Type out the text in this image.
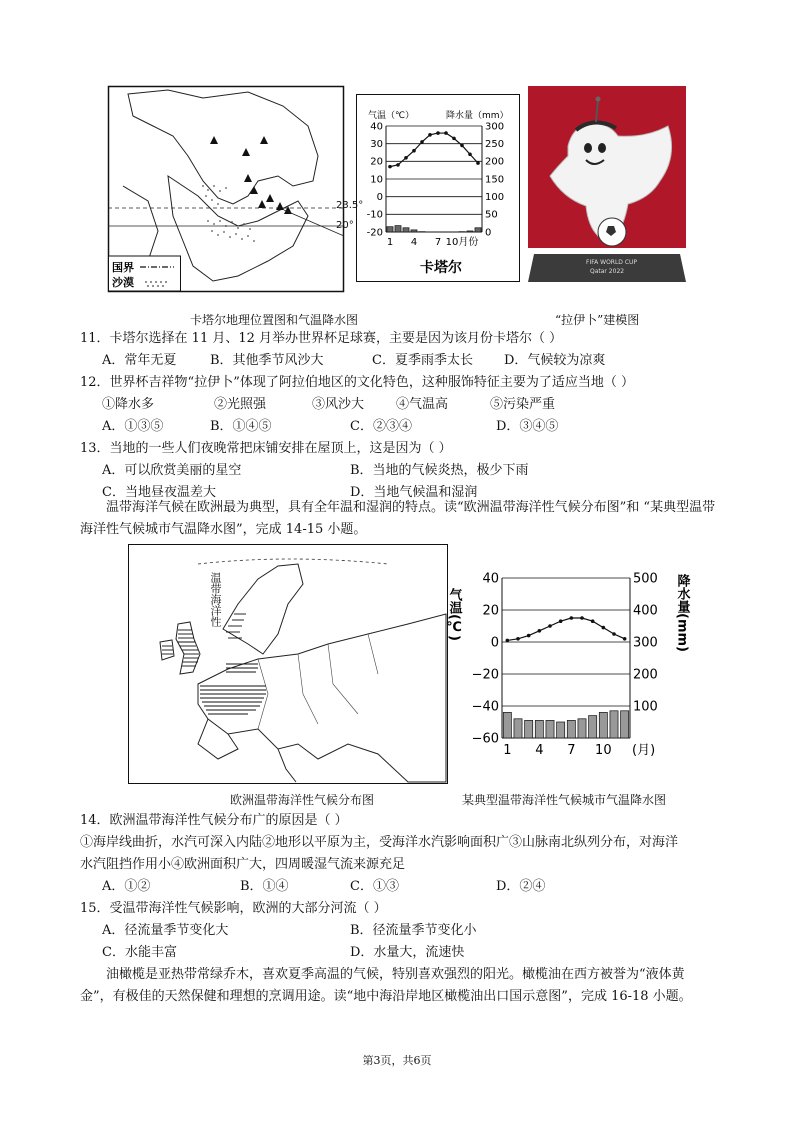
国界
沙漠
23.5°
20°
气温（℃）	降水量（mm）
40
30
20
10
0
-10
-20
300
250
200
150
100
50
0
1 4 7 10月份
卡塔尔	FIFA WORLD CUP
Qatar 2022
卡塔尔地理位置图和气温降水图	“拉伊卜”建模图
11．卡塔尔选择在 11 月、12 月举办世界杯足球赛，主要是因为该月份卡塔尔（ ）
A．常年无夏	B．其他季节风沙大	C．夏季雨季太长 D．气候较为凉爽
12．世界杯吉祥物“拉伊卜”体现了阿拉伯地区的文化特色，这种服饰特征主要为了适应当地（ ）
①降水多	②光照强	③风沙大 ④气温高	⑤污染严重
A．①③⑤	B．①④⑤	C．②③④	D．③④⑤
13．当地的一些人们夜晚常把床铺安排在屋顶上，这是因为（ ）
A．可以欣赏美丽的星空	B．当地的气候炎热，极少下雨
C．当地昼夜温差大	D．当地气候温和湿润
温带海洋气候在欧洲最为典型，具有全年温和湿润的特点。读“欧洲温带海洋性气候分布图”和 “某典型温带海洋性气候城市气温降水图”，完成 14-15 小题。
温带海洋性	气温(℃)	降水量(mm)
40
20
0
−20
−40
−60
500
400
300
200
100
1 4 7 10 (月)
欧洲温带海洋性气候分布图	某典型温带海洋性气候城市气温降水图
14．欧洲温带海洋性气候分布广的原因是（ ）
①海岸线曲折，水汽可深入内陆②地形以平原为主，受海洋水汽影响面积广③山脉南北纵列分布，对海洋
水汽阻挡作用小④欧洲面积广大，四周暖湿气流来源充足
A．①②	B．①④	C．①③	D．②④
15．受温带海洋性气候影响，欧洲的大部分河流（ ）
A．径流量季节变化大	B．径流量季节变化小
C．水能丰富	D．水量大，流速快
油橄榄是亚热带常绿乔木，喜欢夏季高温的气候，特别喜欢强烈的阳光。橄榄油在西方被誉为“液体黄金”，有极佳的天然保健和理想的烹调用途。读“地中海沿岸地区橄榄油出口国示意图”，完成 16-18 小题。
第3页，共6页
